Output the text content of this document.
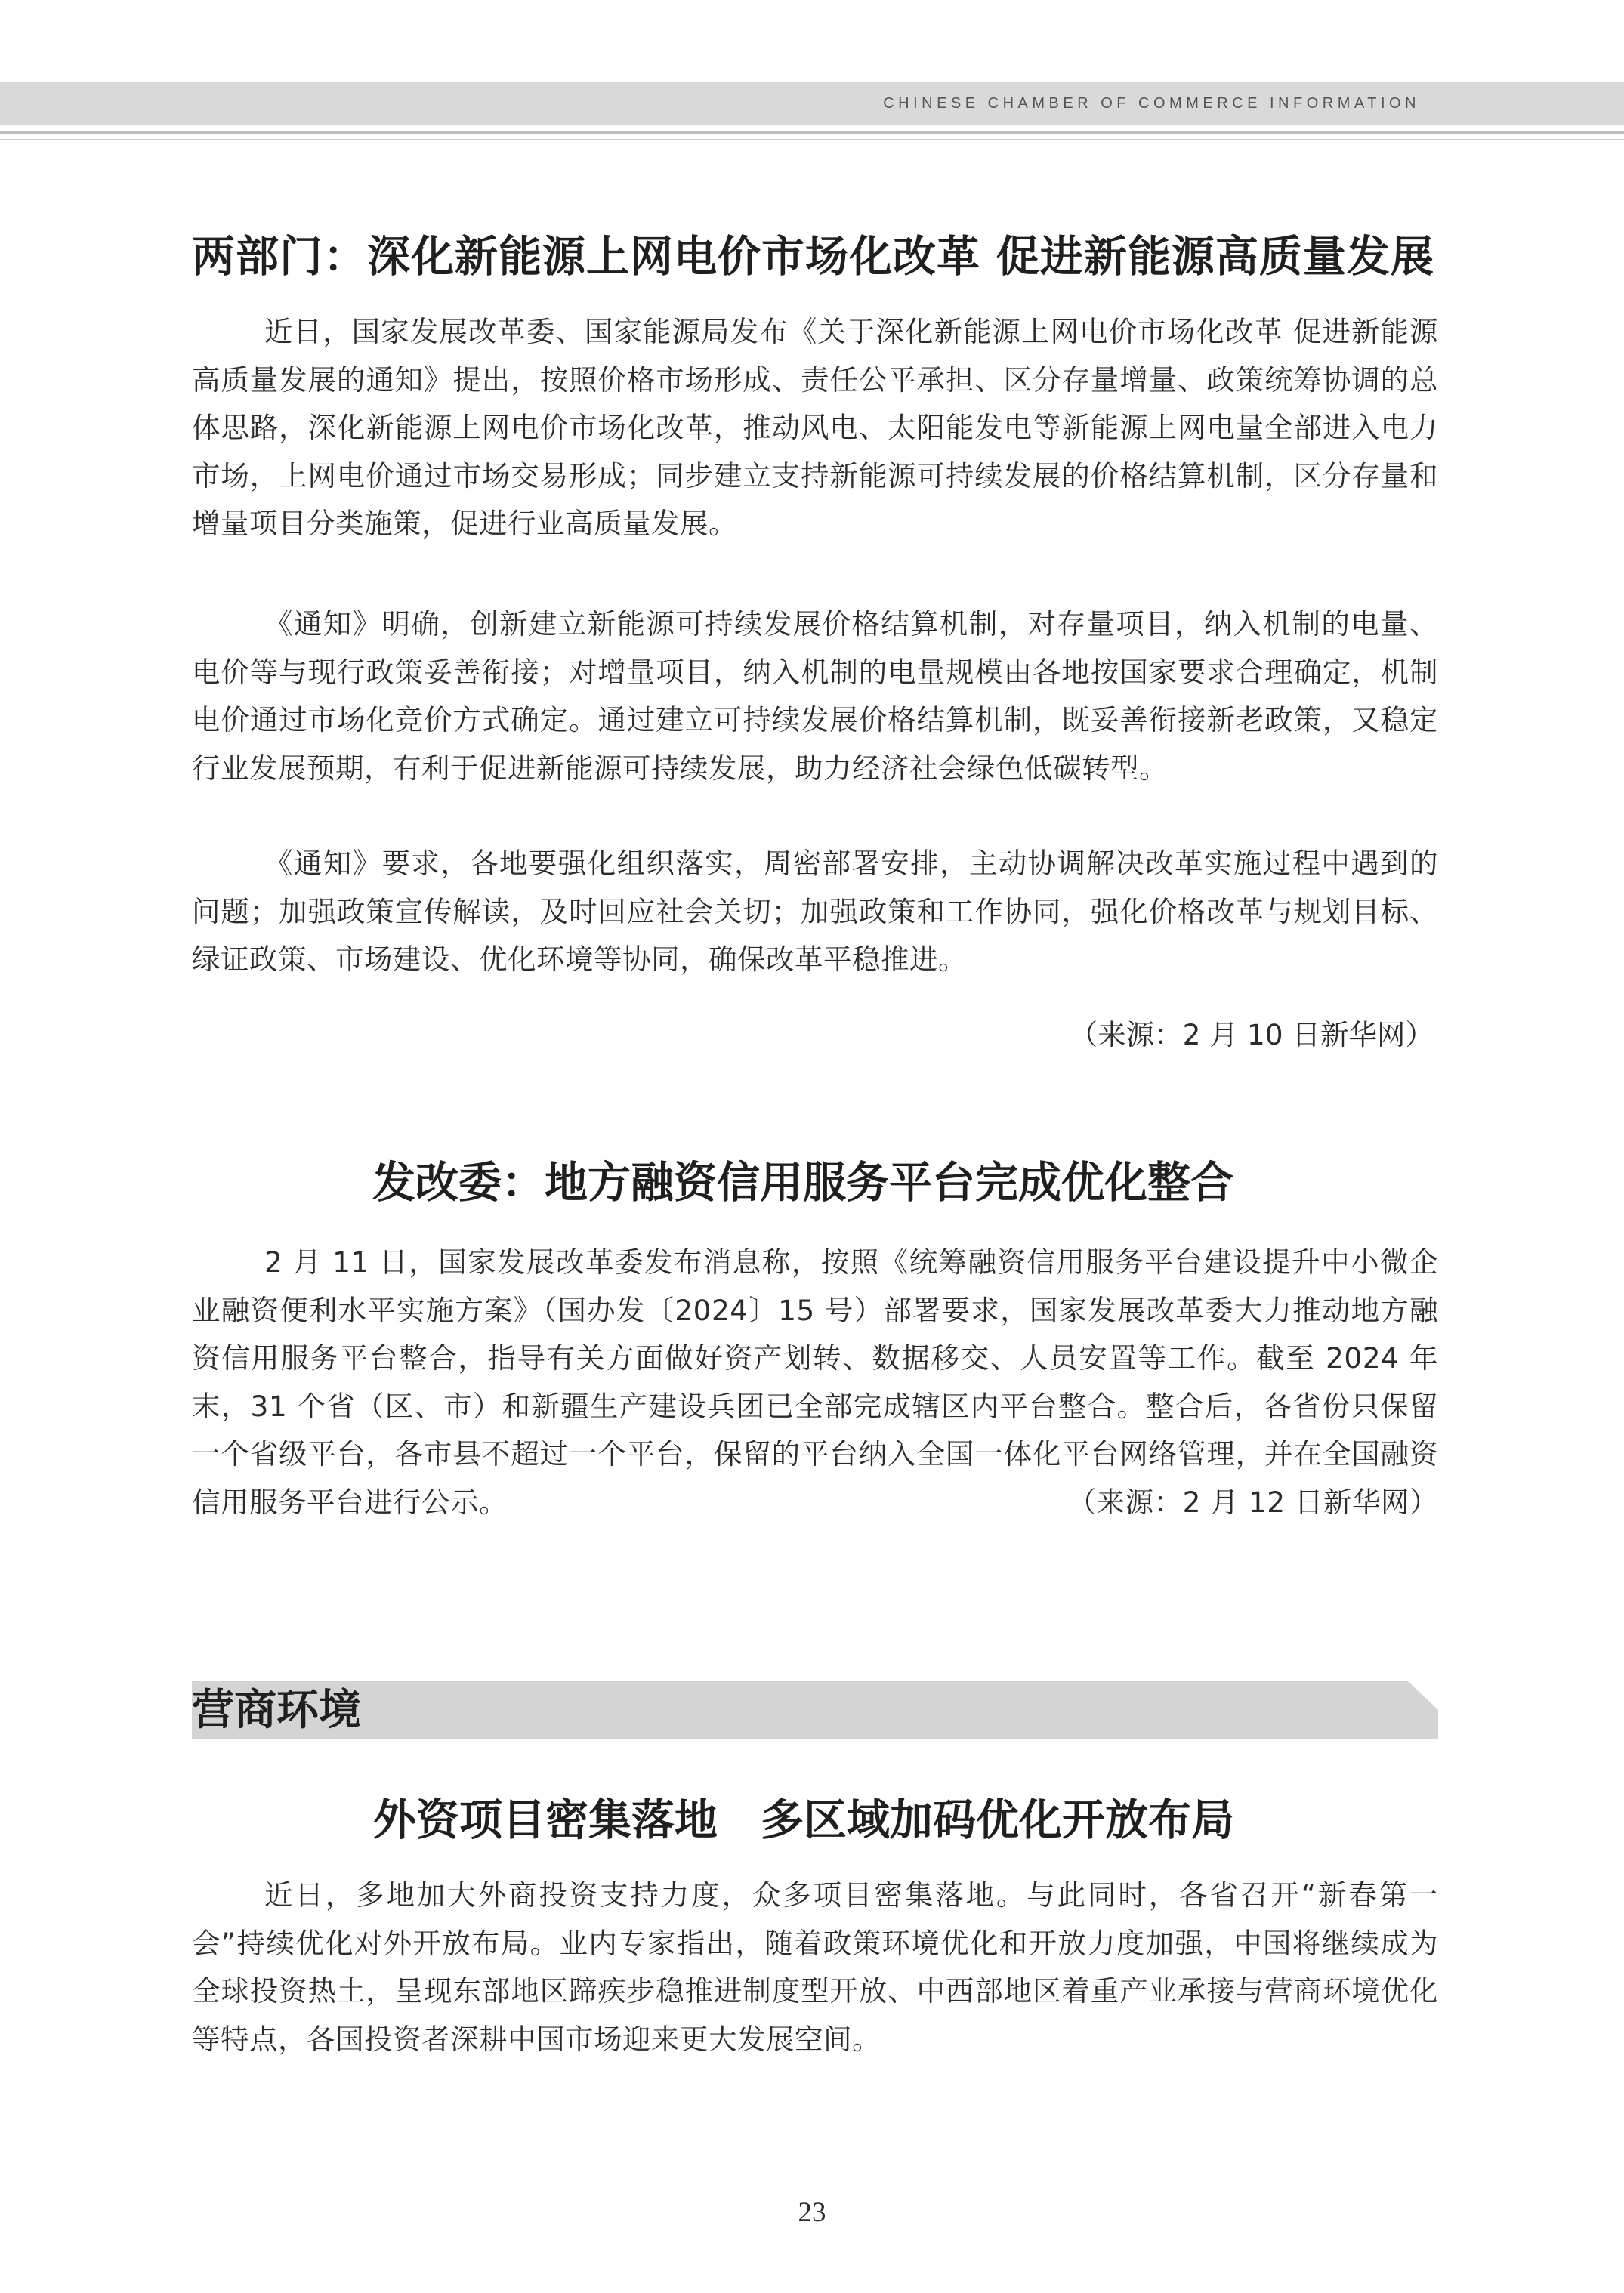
CHINESE CHAMBER OF COMMERCE INFORMATION
两部门：深化新能源上网电价市场化改革 促进新能源高质量发展

近日，国家发展改革委、国家能源局发布《关于深化新能源上网电价市场化改革 促进新能源高质量发展的通知》提出，按照价格市场形成、责任公平承担、区分存量增量、政策统筹协调的总体思路，深化新能源上网电价市场化改革，推动风电、太阳能发电等新能源上网电量全部进入电力市场，上网电价通过市场交易形成；同步建立支持新能源可持续发展的价格结算机制，区分存量和增量项目分类施策，促进行业高质量发展。

《通知》明确，创新建立新能源可持续发展价格结算机制，对存量项目，纳入机制的电量、电价等与现行政策妥善衔接；对增量项目，纳入机制的电量规模由各地按国家要求合理确定，机制电价通过市场化竞价方式确定。通过建立可持续发展价格结算机制，既妥善衔接新老政策，又稳定行业发展预期，有利于促进新能源可持续发展，助力经济社会绿色低碳转型。

《通知》要求，各地要强化组织落实，周密部署安排，主动协调解决改革实施过程中遇到的问题；加强政策宣传解读，及时回应社会关切；加强政策和工作协同，强化价格改革与规划目标、绿证政策、市场建设、优化环境等协同，确保改革平稳推进。

（来源：2 月 10 日新华网）
发改委：地方融资信用服务平台完成优化整合

2 月 11 日，国家发展改革委发布消息称，按照《统筹融资信用服务平台建设提升中小微企业融资便利水平实施方案》（国办发〔2024〕15 号）部署要求，国家发展改革委大力推动地方融资信用服务平台整合，指导有关方面做好资产划转、数据移交、人员安置等工作。截至 2024 年末，31 个省（区、市）和新疆生产建设兵团已全部完成辖区内平台整合。整合后，各省份只保留一个省级平台，各市县不超过一个平台，保留的平台纳入全国一体化平台网络管理，并在全国融资信用服务平台进行公示。	（来源：2 月 12 日新华网）

营商环境
外资项目密集落地　多区域加码优化开放布局

近日，多地加大外商投资支持力度，众多项目密集落地。与此同时，各省召开“新春第一会”持续优化对外开放布局。业内专家指出，随着政策环境优化和开放力度加强，中国将继续成为全球投资热土，呈现东部地区蹄疾步稳推进制度型开放、中西部地区着重产业承接与营商环境优化等特点，各国投资者深耕中国市场迎来更大发展空间。

23
